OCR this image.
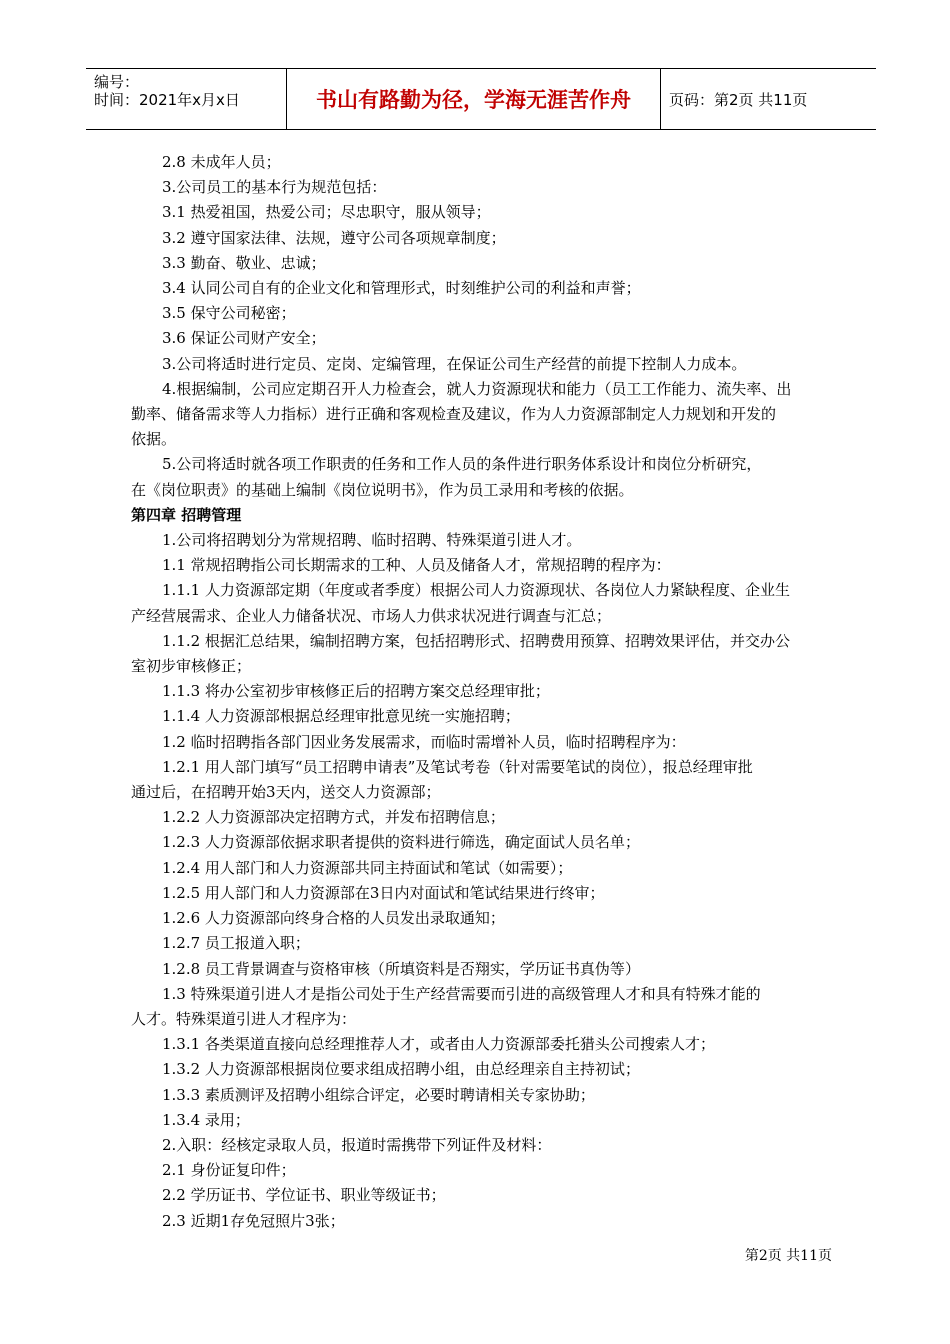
编号：
时间：2021年x月x日	书山有路勤为径，学海无涯苦作舟	页码：第2页 共11页
2.8 未成年人员；
3.公司员工的基本行为规范包括：
3.1 热爱祖国，热爱公司；尽忠职守，服从领导；
3.2 遵守国家法律、法规，遵守公司各项规章制度；
3.3 勤奋、敬业、忠诚；
3.4 认同公司自有的企业文化和管理形式，时刻维护公司的利益和声誉；
3.5 保守公司秘密；
3.6 保证公司财产安全；
3.公司将适时进行定员、定岗、定编管理，在保证公司生产经营的前提下控制人力成本。
4.根据编制，公司应定期召开人力检查会，就人力资源现状和能力（员工工作能力、流失率、出
勤率、储备需求等人力指标）进行正确和客观检查及建议，作为人力资源部制定人力规划和开发的
依据。
5.公司将适时就各项工作职责的任务和工作人员的条件进行职务体系设计和岗位分析研究，
在《岗位职责》的基础上编制《岗位说明书》，作为员工录用和考核的依据。
第四章 招聘管理
1.公司将招聘划分为常规招聘、临时招聘、特殊渠道引进人才。
1.1 常规招聘指公司长期需求的工种、人员及储备人才，常规招聘的程序为：
1.1.1 人力资源部定期（年度或者季度）根据公司人力资源现状、各岗位人力紧缺程度、企业生
产经营展需求、企业人力储备状况、市场人力供求状况进行调查与汇总；
1.1.2 根据汇总结果，编制招聘方案，包括招聘形式、招聘费用预算、招聘效果评估，并交办公
室初步审核修正；
1.1.3 将办公室初步审核修正后的招聘方案交总经理审批；
1.1.4 人力资源部根据总经理审批意见统一实施招聘；
1.2 临时招聘指各部门因业务发展需求，而临时需增补人员，临时招聘程序为：
1.2.1 用人部门填写“员工招聘申请表”及笔试考卷（针对需要笔试的岗位），报总经理审批
通过后，在招聘开始3天内，送交人力资源部；
1.2.2 人力资源部决定招聘方式，并发布招聘信息；
1.2.3 人力资源部依据求职者提供的资料进行筛选，确定面试人员名单；
1.2.4 用人部门和人力资源部共同主持面试和笔试（如需要）；
1.2.5 用人部门和人力资源部在3日内对面试和笔试结果进行终审；
1.2.6 人力资源部向终身合格的人员发出录取通知；
1.2.7 员工报道入职；
1.2.8 员工背景调查与资格审核（所填资料是否翔实，学历证书真伪等）
1.3 特殊渠道引进人才是指公司处于生产经营需要而引进的高级管理人才和具有特殊才能的
人才。特殊渠道引进人才程序为：
1.3.1 各类渠道直接向总经理推荐人才，或者由人力资源部委托猎头公司搜索人才；
1.3.2 人力资源部根据岗位要求组成招聘小组，由总经理亲自主持初试；
1.3.3 素质测评及招聘小组综合评定，必要时聘请相关专家协助；
1.3.4 录用；
2.入职：经核定录取人员，报道时需携带下列证件及材料：
2.1 身份证复印件；
2.2 学历证书、学位证书、职业等级证书；
2.3 近期1存免冠照片3张；
第2页 共11页
